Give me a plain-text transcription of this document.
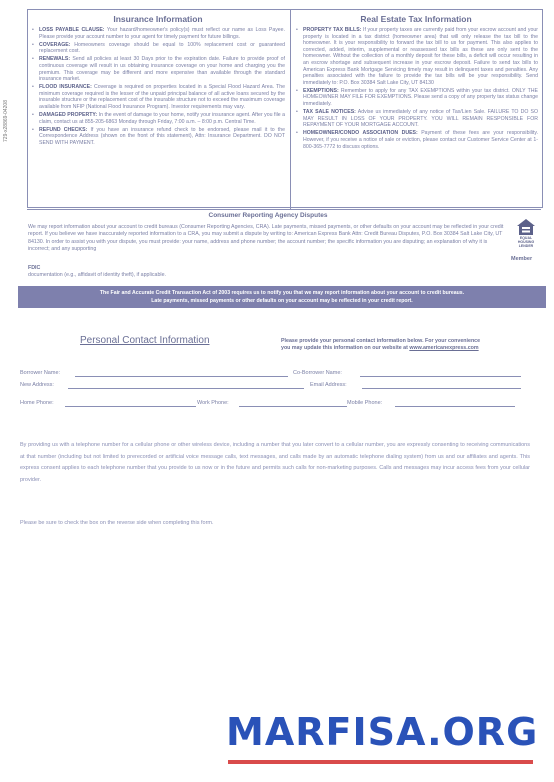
729-x28869-04208
Insurance Information
• LOSS PAYABLE CLAUSE: Your hazard/homeowner's policy(s) must reflect our name as Loss Payee. Please provide your account number to your agent for timely payment for future billings.
• COVERAGE: Homeowners coverage should be equal to 100% replacement cost or guaranteed replacement cost.
• RENEWALS: Send all policies at least 30 Days prior to the expiration date. Failure to provide proof of continuous coverage will result in us obtaining insurance coverage on your home and charging you the premium. This coverage may be different and more expensive than available through the standard insurance market.
• FLOOD INSURANCE: Coverage is required on properties located in a Special Flood Hazard Area. The minimum coverage required is the lesser of the unpaid principal balance of all active loans secured by the insurable structure or the replacement cost of the insurable structure not to exceed the maximum coverage available from NFIP (National Flood Insurance Program). Investor requirements may vary.
• DAMAGED PROPERTY: In the event of damage to your home, notify your insurance agent. After you file a claim, contact us at 855-205-6863 Monday through Friday, 7:00 a.m. – 8:00 p.m. Central Time.
• REFUND CHECKS: If you have an insurance refund check to be endorsed, please mail it to the Correspondence Address (shown on the front of this statement), Attn: Insurance Department. DO NOT SEND WITH PAYMENT.
Real Estate Tax Information
• PROPERTY TAX BILLS: If your property taxes are currently paid from your escrow account and your property is located in a tax district (homeowner area) that will only release the tax bill to the homeowner. It is your responsibility to forward the tax bill to us for payment. This also applies to corrected, added, interim, supplemental or reassessed tax bills as these are only sent to the homeowner. Without the collection of a monthly deposit for these bills, a deficit will occur resulting in an escrow shortage and subsequent increase in your escrow deposit. Failure to send tax bills to American Express Bank Mortgage Servicing timely may result in delinquent taxes and penalties. Any penalties associated with the failure to provide the tax bills will be your responsibility. Send immediately to: P.O. Box 30384 Salt Lake City, UT 84130
• EXEMPTIONS: Remember to apply for any TAX EXEMPTIONS within your tax district. ONLY THE HOMEOWNER MAY FILE FOR EXEMPTIONS. Please send a copy of any property tax status change immediately.
• TAX SALE NOTICES: Advise us immediately of any notice of Tax/Lien Sale. FAILURE TO DO SO MAY RESULT IN LOSS OF YOUR PROPERTY. YOU WILL REMAIN RESPONSIBLE FOR REPAYMENT OF YOUR MORTGAGE ACCOUNT.
• HOMEOWNER/CONDO ASSOCIATION DUES: Payment of these fees are your responsibility. However, if you receive a notice of sale or eviction, please contact our Customer Service Center at 1-800-365-7772 to discuss options.
Consumer Reporting Agency Disputes
We may report information about your account to credit bureaus (Consumer Reporting Agencies, CRA). Late payments, missed payments, or other defaults on your account may be reflected in your credit report. If you believe we have inaccurately reported information to a CRA, you may submit a dispute by writing to: American Express Bank Attn: Credit Bureau Disputes, P.O. Box 30384 Salt Lake City, UT 84130. In order to assist you with your dispute, you must provide: your name, address and phone number; the account number; the specific information you are disputing; an explanation of why it is incorrect; and any supporting
FDIC
documentation (e.g., affidavit of identity theft), if applicable.
EQUAL HOUSING
LENDER
Member
The Fair and Accurate Credit Transaction Act of 2003 requires us to notify you that we may report information about your account to credit bureaus.
Late payments, missed payments or other defaults on your account may be reflected in your credit report.
Personal Contact Information	Please provide your personal contact information below. For your convenience you may update this information on our website at www.americanexpress.com
Borrower Name:	Co-Borrower Name:
New Address:	Email Address:
Home Phone:	Work Phone:	Mobile Phone:
By providing us with a telephone number for a cellular phone or other wireless device, including a number that you later convert to a cellular number, you are expressly consenting to receiving communications at that number (including but not limited to prerecorded or artificial voice message calls, text messages, and calls made by an automatic telephone dialing system) from us and our affiliates and agents. This express consent applies to each telephone number that you provide to us now or in the future and permits such calls for non-marketing purposes. Calls and messages may incur access fees from your cellular provider.
Please be sure to check the box on the reverse side when completing this form.
MARFISA.ORG
